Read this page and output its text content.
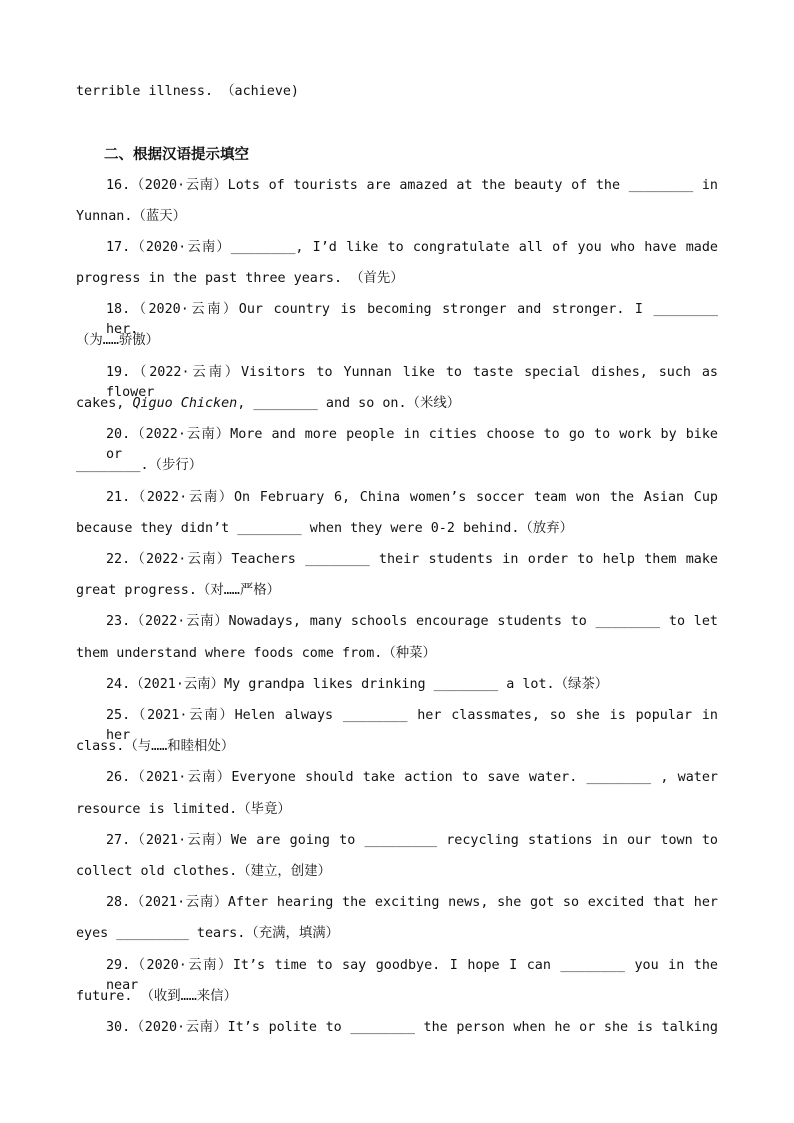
terrible illness. （achieve)
二、根据汉语提示填空
16.（2020·云南）Lots of tourists are amazed at the beauty of the ________ in
Yunnan.（蓝天）
17.（2020·云南）________, I’d like to congratulate all of you who have made
progress in the past three years. （首先）
18.（2020·云南）Our country is becoming stronger and stronger. I ________ her.
（为……骄傲）
19.（2022·云南）Visitors to Yunnan like to taste special dishes, such as flower
cakes, Qiguo Chicken, ________ and so on.（米线）
20.（2022·云南）More and more people in cities choose to go to work by bike or
________.（步行）
21.（2022·云南）On February 6, China women’s soccer team won the Asian Cup
because they didn’t ________ when they were 0-2 behind.（放弃）
22.（2022·云南）Teachers ________ their students in order to help them make
great progress.（对……严格）
23.（2022·云南）Nowadays, many schools encourage students to ________ to let
them understand where foods come from.（种菜）
24.（2021·云南）My grandpa likes drinking ________ a lot.（绿茶）
25.（2021·云南）Helen always ________ her classmates, so she is popular in her
class.（与……和睦相处）
26.（2021·云南）Everyone should take action to save water. ________ , water
resource is limited.（毕竟）
27.（2021·云南）We are going to _________ recycling stations in our town to
collect old clothes.（建立，创建）
28.（2021·云南）After hearing the exciting news, she got so excited that her
eyes _________ tears.（充满，填满）
29.（2020·云南）It’s time to say goodbye. I hope I can ________ you in the near
future. （收到……来信）
30.（2020·云南）It’s polite to ________ the person when he or she is talking
